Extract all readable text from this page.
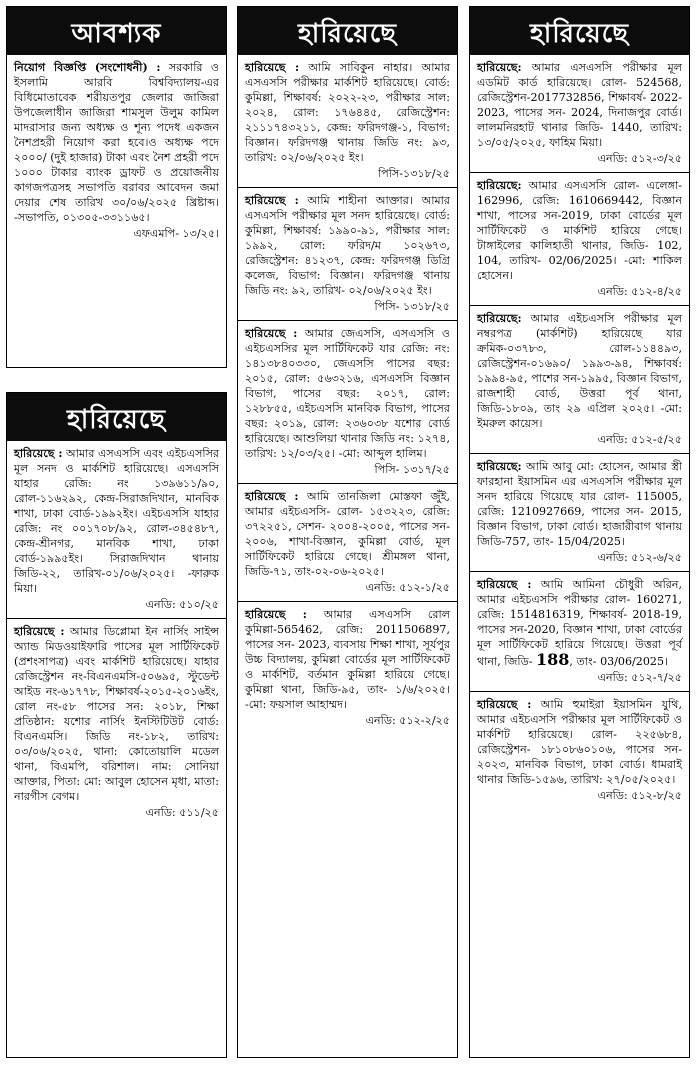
আবশ্যক
নিয়োগ বিজ্ঞপ্তি (সংশোধনী) : সরকারি ও ইসলামি আরবি বিশ্ববিদ্যালয়-এর বিধিমোতাবেক শরীয়তপুর জেলার জাজিরা উপজেলাধীন জাজিরা শামসুল উলুম কামিল মাদরাসার জন্য অধ্যক্ষ ও শূন্য পদেধ একজন নৈশপ্রহরী নিয়োগ করা হবে।ও অধ্যক্ষ পদে ২০০০/ (দুই হাজার) টাকা এবং নৈশ প্রহরী পদে ১০০০ টাকার ব্যাংক ড্রাফট ও প্রয়োজনীয় কাগজপত্রসহ সভাপতি বরাবর আবেদন জমা দেয়ার শেষ তারিখ ৩০/০৬/২০২৫ খ্রিষ্টাব্দ। -সভাপতি, ০১৩০৫-৩৩১১৬৫।
এফএমপি- ১৩/২৫।
হারিয়েছে
হারিয়েছে : আমার এসএসসি এবং এইচএসসির মূল সনদ ও মার্কশিট হারিয়েছে। এসএসসি যাহার রেজি: নং ১৩৯৬১১/৯০, রোল-১১৬২৯২, কেন্দ্র-সিরাজদিখান, মানবিক শাখা, ঢাকা বোর্ড-১৯৯২ইং। এইচএসসি যাহার রেজি: নং ০০১৭০৮/৯২, রোল-৩৪৫৪৮৭, কেন্দ্র-শ্রীনগর, মানবিক শাখা, ঢাকা বোর্ড-১৯৯৫ইং। সিরাজদিখান থানায় জিডি-২২, তারিখ-০১/০৬/২০২৫। -ফারুক মিয়া।
এনডি: ৫১০/২৫
হারিয়েছে : আমার ডিপ্লোমা ইন নার্সিং সাইন্স অ্যান্ড মিডওয়াইফারি পাসের মূল সার্টিফিকেট (প্রশংসাপত্র) এবং মার্কশিট হারিয়েছে। যাহার রেজিস্ট্রেশন নং-বিএনএমসি-৫০৬৯৫, স্টুডেন্ট আইড নং-৬১৭৭৮, শিক্ষাবর্ষ-২০১৫-২০১৬ইং, রোল নং-৫৮ পাসের সন: ২০১৮, শিক্ষা প্রতিষ্ঠান: যশোর নার্সিং ইনস্টিটিউট বোর্ড: বিএনএমসি। জিডি নং-১৮২, তারিখ: ০৩/০৬/২০২৫, থানা: কোতোয়ালি মডেল থানা, বিএমপি, বরিশাল। নাম: সোনিয়া আক্তার, পিতা: মো: আবুল হোসেন মৃধা, মাতা: নারগীস বেগম।
এনডি: ৫১১/২৫
হারিয়েছে
হারিয়েছে : আমি সাবিকুন নাহার। আমার এসএসসি পরীক্ষার মার্কশিট হারিয়েছে। বোর্ড: কুমিল্লা, শিক্ষাবর্ষ: ২০২২-২৩, পরীক্ষার সাল: ২০২৪, রোল: ১৭৬৪৪৫, রেজিস্ট্রেশন: ২১১১৭৪৩২১১, কেন্দ্র: ফরিদগঞ্জ-১, বিভাগ: বিজ্ঞান। ফরিদগঞ্জ থানায় জিডি নং: ৯৩, তারিখ: ০২/০৬/২০২৫ ইং।
পিসি-১৩১৮/২৫
হারিয়েছে : আমি শাহীনা আক্তার। আমার এসএসসি পরীক্ষার মূল সনদ হারিয়েছে। বোর্ড: কুমিল্লা, শিক্ষাবর্ষ: ১৯৯০-৯১, পরীক্ষার সাল: ১৯৯২, রোল: ফরিদ/ম ১০২৬৭৩, রেজিস্ট্রেশন: ৪১২৩৭, কেন্দ্র: ফরিদগঞ্জ ডিগ্রি কলেজ, বিভাগ: বিজ্ঞান। ফরিদগঞ্জ থানায় জিডি নং: ৯২, তারিখ- ০২/০৬/২০২৫ ইং।
পিসি- ১৩১৮/২৫
হারিয়েছে : আমার জেএসসি, এসএসসি ও এইচএসসির মূল সার্টিফিকেট যার রেজি: নং: ১৪১৩৮৪০৩৩০, জেএসসি পাসের বছর: ২০১৫, রোল: ৫৬৩২১৬, এসএসসি বিজ্ঞান বিভাগ, পাসের বছর: ২০১৭, রোল: ১২৮৮৫৫, এইচএসসি মানবিক বিভাগ, পাসের বছর: ২০১৯, রোল: ২৩৬০৩৮ যশোর বোর্ড হারিয়েছে। আশুলিয়া থানার জিডি নং: ১২৭৪, তারিখ: ১২/০৩/২৫। -মো: আব্দুল হালিম।
পিসি- ১৩১৭/২৫
হারিয়েছে : আমি তানজিলা মোস্তফা জুঁই, আমার এইচএসসি- রোল- ১৫৩২২৩, রেজি: ৩৭২২৫১, সেশন- ২০০৪-২০০৫, পাসের সন- ২০০৬, শাখা-বিজ্ঞান, কুমিল্লা বোর্ড, মূল সার্টিফিকেট হারিয়ে গেছে। শ্রীমঙ্গল থানা, জিডি-৭১, তাং-০২-০৬-২০২৫।
এনডি: ৫১২-১/২৫
হারিয়েছে : আমার এসএসসি রোল কুমিল্লা-565462, রেজি: 2011506897, পাসের সন- 2023, ব্যবসায় শিক্ষা শাখা, সূর্যপুর উচ্চ বিদ্যালয়, কুমিল্লা বোর্ডের মূল সার্টিফিকেট ও মার্কশিট, বর্তমান কুমিল্লা হারিয়ে গেছে। কুমিল্লা থানা, জিডি-৯৫, তাং- ১/৬/২০২৫। -মো: ফয়সাল আহাম্মদ।
এনডি: ৫১২-২/২৫
হারিয়েছে
হারিয়েছে: আমার এসএসসি পরীক্ষার মূল এডমিট কার্ড হারিয়েছে। রোল- 524568, রেজিস্ট্রেশন-2017732856, শিক্ষাবর্ষ- 2022-2023, পাসের সন- 2024, দিনাজপুর বোর্ড। লালমনিরহাট থানার জিডি- 1440, তারিখ: ১৩/০৫/২০২৫, ফাহিম মিয়া।
এনডি: ৫১২-৩/২৫
হারিয়েছে: আমার এসএসসি রোল- এলেঙ্গা- 162996, রেজি: 1610669442, বিজ্ঞান শাখা, পাসের সন-2019, ঢাকা বোর্ডের মূল সার্টিফিকেট ও মার্কশিট হারিয়ে গেছে। টাঙ্গাইলের কালিহাতী থানার, জিডি- 102, 104, তারিখ- 02/06/2025। -মো: শাকিল হোসেন।
এনডি: ৫১২-৪/২৫
হারিয়েছে: আমার এইচএসসি পরীক্ষার মূল নম্বরপত্র (মার্কশিট) হারিয়েছে যার ক্রমিক-০৩৭৮৩, রোল-১১৪৪৯৩, রেজিস্ট্রেশন-০১৬৯০/ ১৯৯৩-৯৪, শিক্ষাবর্ষ: ১৯৯৪-৯৫, পাশের সন-১৯৯৫, বিজ্ঞান বিভাগ, রাজশাহী বোর্ড, উত্তরা পূর্ব থানা, জিডি-১৮০৯, তাং ২৯ এপ্রিল ২০২৫। -মো: ইমরুল কায়েস।
এনডি: ৫১২-৫/২৫
হারিয়েছে: আমি আবু মো: হোসেন, আমার স্ত্রী ফারহানা ইয়াসমিন এর এসএসসি পরীক্ষার মূল সনদ হারিয়ে গিয়েছে যার রোল- 115005, রেজি: 1210927669, পাসের সন- 2015, বিজ্ঞান বিভাগ, ঢাকা বোর্ড। হাজারীবাগ থানায় জিডি-757, তাং- 15/04/2025।
এনডি: ৫১২-৬/২৫
হারিয়েছে : আমি আমিনা চৌধুরী অরিন, আমার এইচএসসি পরীক্ষার রোল- 160271, রেজি: 1514816319, শিক্ষাবর্ষ- 2018-19, পাসের সন-2020, বিজ্ঞান শাখা, ঢাকা বোর্ডের মূল সার্টিফিকেট হারিয়ে গিয়েছে। উত্তরা পূর্ব থানা, জিডি- 188, তাং- 03/06/2025।
এনডি: ৫১২-৭/২৫
হারিয়েছে : আমি হুমাইরা ইয়াসমিন যুথি, আমার এইচএসসি পরীক্ষার মূল সার্টিফিকেট ও মার্কশিট হারিয়েছে। রোল- ২২৫৬৮৪, রেজিস্ট্রেশন- ১৮১০৮৬০১০৬, পাসের সন- ২০২৩, মানবিক বিভাগ, ঢাকা বোর্ড। ধামরাই থানার জিডি-১৫৯৬, তারিখ: ২৭/০৫/২০২৫।
এনডি: ৫১২-৮/২৫
